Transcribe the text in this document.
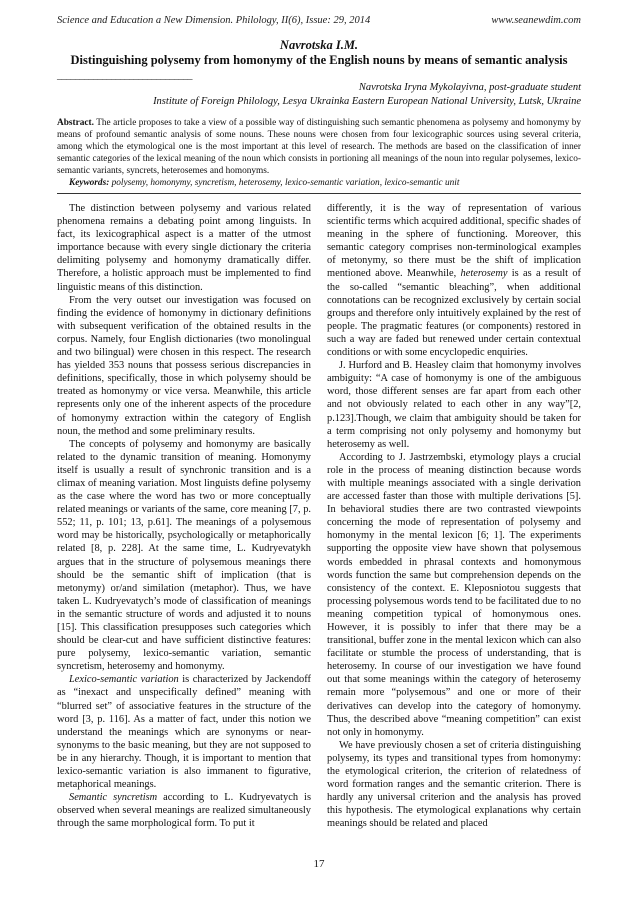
Science and Education a New Dimension. Philology, II(6), Issue: 29, 2014	www.seanewdim.com
Navrotska I.M.
Distinguishing polysemy from homonymy of the English nouns by means of semantic analysis
______________________________
Navrotska Iryna Mykolayivna, post-graduate student
Institute of Foreign Philology, Lesya Ukrainka Eastern European National University, Lutsk, Ukraine
Abstract. The article proposes to take a view of a possible way of distinguishing such semantic phenomena as polysemy and homonymy by means of profound semantic analysis of some nouns. These nouns were chosen from four lexicographic sources using several criteria, among which the etymological one is the most important at this level of research. The methods are based on the classification of inner semantic categories of the lexical meaning of the noun which consists in portioning all meanings of the noun into regular polysemes, lexico-semantic variants, syncrets, heterosemes and homonyms.
Keywords: polysemy, homonymy, syncretism, heterosemy, lexico-semantic variation, lexico-semantic unit

The distinction between polysemy and various related phenomena remains a debating point among linguists. In fact, its lexicographical aspect is a matter of the utmost importance because with every single dictionary the criteria delimiting polysemy and homonymy dramatically differ. Therefore, a holistic approach must be implemented to find linguistic means of this distinction.

From the very outset our investigation was focused on finding the evidence of homonymy in dictionary definitions with subsequent verification of the obtained results in the corpus. Namely, four English dictionaries (two monolingual and two bilingual) were chosen in this respect. The research has yielded 353 nouns that possess serious discrepancies in definitions, specifically, those in which polysemy should be treated as homonymy or vice versa. Meanwhile, this article represents only one of the inherent aspects of the procedure of homonymy extraction within the category of English noun, the method and some preliminary results.

The concepts of polysemy and homonymy are basically related to the dynamic transition of meaning. Homonymy itself is usually a result of synchronic transition and is a climax of meaning variation. Most linguists define polysemy as the case where the word has two or more conceptually related meanings or variants of the same, core meaning [7, p. 552; 11, p. 101; 13, p.61]. The meanings of a polysemous word may be historically, psychologically or metaphorically related [8, p. 228]. At the same time, L. Kudryevatykh argues that in the structure of polysemous meanings there should be the semantic shift of implication (that is metonymy) or/and similation (metaphor). Thus, we have taken L. Kudryevatych’s mode of classification of meanings in the semantic structure of words and adjusted it to nouns [15]. This classification presupposes such categories which should be clear-cut and have sufficient distinctive features: pure polysemy, lexico-semantic variation, semantic syncretism, heterosemy and homonymy.

Lexico-semantic variation is characterized by Jackendoff as “inexact and unspecifically defined” meaning with “blurred set” of associative features in the structure of the word [3, p. 116]. As a matter of fact, under this notion we understand the meanings which are synonyms or near-synonyms to the basic meaning, but they are not supposed to be in any hierarchy. Though, it is important to mention that lexico-semantic variation is also immanent to figurative, metaphorical meanings.

Semantic syncretism according to L. Kudryevatych is observed when several meanings are realized simultaneously through the same morphological form. To put it

differently, it is the way of representation of various scientific terms which acquired additional, specific shades of meaning in the sphere of functioning. Moreover, this semantic category comprises non-terminological examples of metonymy, so there must be the shift of implication mentioned above. Meanwhile, heterosemy is as a result of the so-called “semantic bleaching”, when additional connotations can be recognized exclusively by certain social groups and therefore only intuitively explained by the rest of people. The pragmatic features (or components) restored in such a way are faded but renewed under certain contextual conditions or with some encyclopedic enquiries.

J. Hurford and B. Heasley claim that homonymy involves ambiguity: “A case of homonymy is one of the ambiguous word, those different senses are far apart from each other and not obviously related to each other in any way”[2, p.123].Though, we claim that ambiguity should be taken for a term comprising not only polysemy and homonymy but heterosemy as well.

According to J. Jastrzembski, etymology plays a crucial role in the process of meaning distinction because words with multiple meanings associated with a single derivation are accessed faster than those with multiple derivations [5]. In behavioral studies there are two contrasted viewpoints concerning the mode of representation of polysemy and homonymy in the mental lexicon [6; 1]. The experiments supporting the opposite view have shown that polysemous words embedded in phrasal contexts and homonymous words function the same but comprehension depends on the consistency of the context. E. Kleposniotou suggests that processing polysemous words tend to be facilitated due to no meaning competition typical of homonymous ones. However, it is possibly to infer that there may be a transitional, buffer zone in the mental lexicon which can also facilitate or stumble the process of understanding, that is heterosemy. In course of our investigation we have found out that some meanings within the category of heterosemy remain more “polysemous” and one or more of their derivatives can develop into the category of homonymy. Thus, the described above “meaning competition” can exist not only in homonymy.

We have previously chosen a set of criteria distinguishing polysemy, its types and transitional types from homonymy: the etymological criterion, the criterion of relatedness of word formation ranges and the semantic criterion. There is hardly any universal criterion and the analysis has proved this hypothesis. The etymological explanations why certain meanings should be related and placed

17
